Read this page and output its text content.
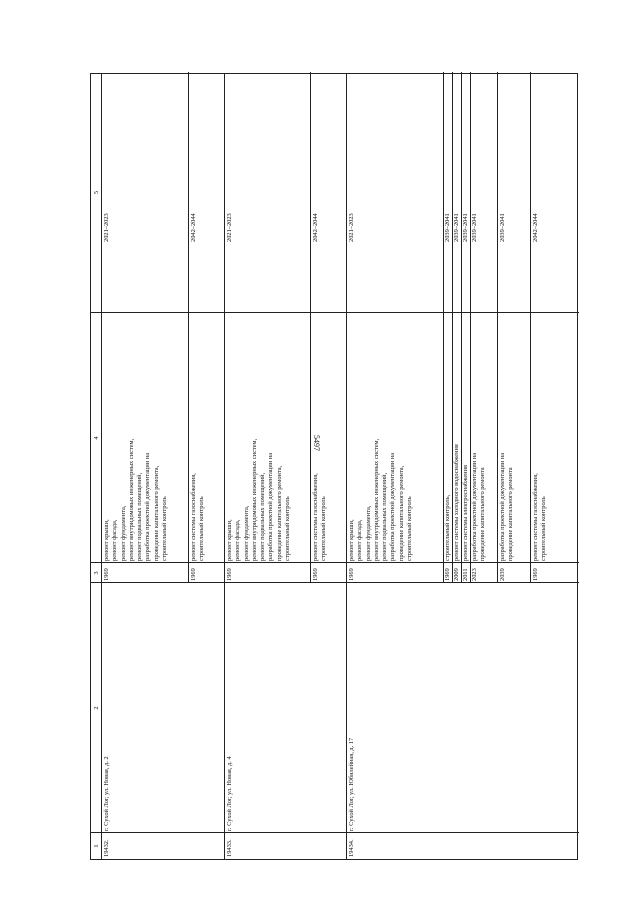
5497
1
2
3
4
5
19432.
г. Сухой Лог, ул. Новая, д. 2
1969
ремонт крыши,
ремонт фасада,
ремонт фундамента,
ремонт внутридомовых инженерных систем,
ремонт подвальных помещений,
разработка проектной документации на
проведение капитального ремонта,
строительный контроль
2021–2023
1969
ремонт системы газоснабжения,
строительный контроль
2042–2044
19433.
г. Сухой Лог, ул. Новая, д. 4
1969
ремонт крыши,
ремонт фасада,
ремонт фундамента,
ремонт внутридомовых инженерных систем,
ремонт подвальных помещений,
разработка проектной документации на
проведение капитального ремонта,
строительный контроль
2021–2023
1969
ремонт системы газоснабжения,
строительный контроль
2042–2044
19434.
г. Сухой Лог, ул. Юбилейная, д. 17
1969
ремонт крыши,
ремонт фасада,
ремонт фундамента,
ремонт внутридомовых инженерных систем,
ремонт подвальных помещений,
разработка проектной документации на
проведение капитального ремонта,
строительный контроль
2021–2023
1969
строительный контроль,
2039–2041
2009
ремонт системы холодного водоснабжения
2039–2041
2011
ремонт системы электроснабжения
2039–2041
2023
разработка проектной документации на
проведение капитального ремонта
2039–2041
2039
разработка проектной документации на
проведение капитального ремонта
2039–2041
1969
ремонт системы газоснабжения,
строительный контроль
2042–2044
